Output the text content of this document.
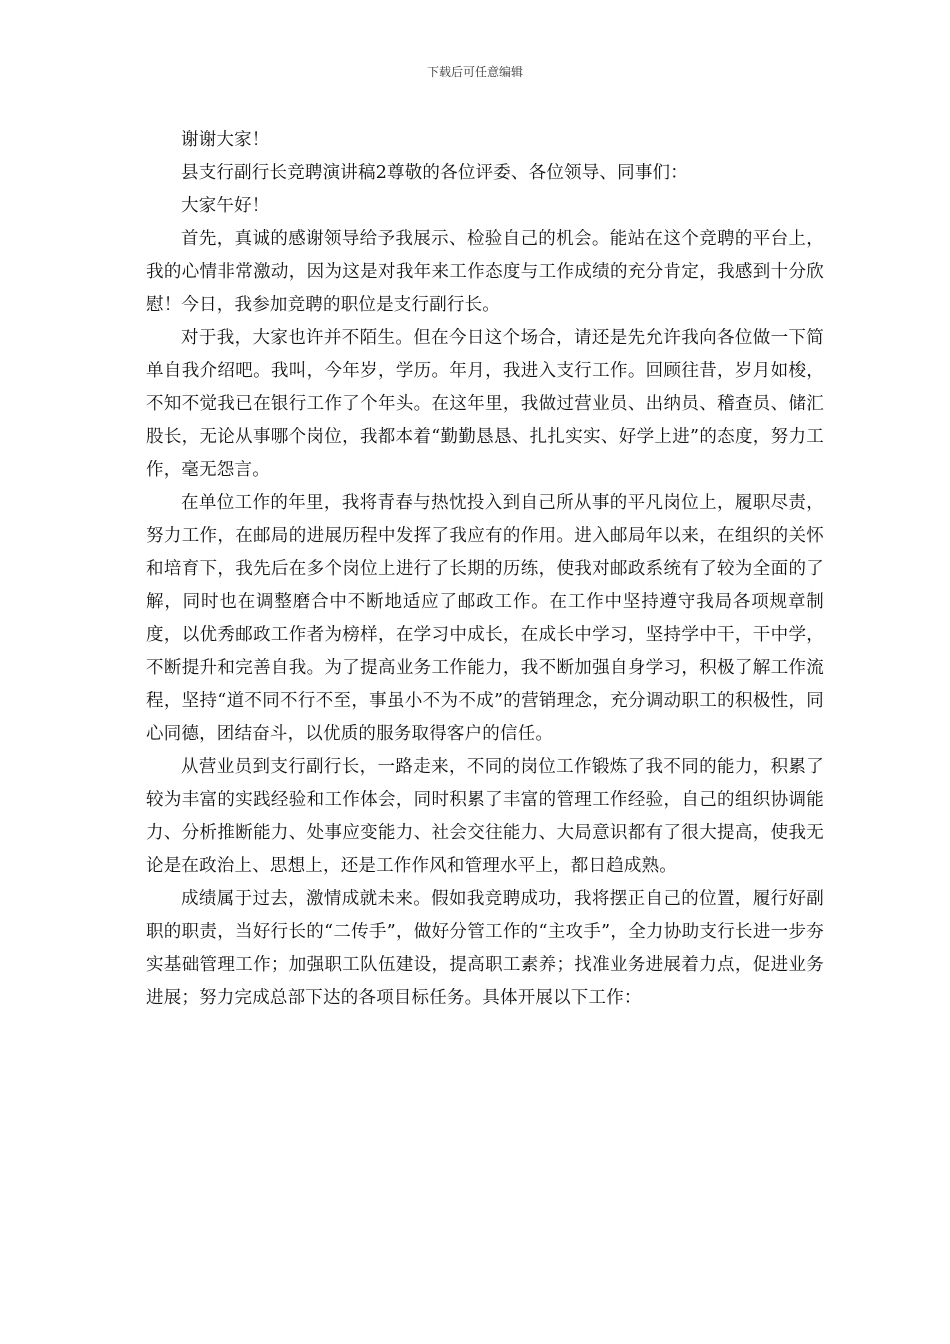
下载后可任意编辑

谢谢大家！

县支行副行长竞聘演讲稿2尊敬的各位评委、各位领导、同事们：

大家午好！

首先，真诚的感谢领导给予我展示、检验自己的机会。能站在这个竞聘的平台上，我的心情非常激动，因为这是对我年来工作态度与工作成绩的充分肯定，我感到十分欣慰！今日，我参加竞聘的职位是支行副行长。

对于我，大家也许并不陌生。但在今日这个场合，请还是先允许我向各位做一下简单自我介绍吧。我叫，今年岁，学历。年月，我进入支行工作。回顾往昔，岁月如梭，不知不觉我已在银行工作了个年头。在这年里，我做过营业员、出纳员、稽查员、储汇股长，无论从事哪个岗位，我都本着“勤勤恳恳、扎扎实实、好学上进”的态度，努力工作，毫无怨言。

在单位工作的年里，我将青春与热忱投入到自己所从事的平凡岗位上，履职尽责，努力工作，在邮局的进展历程中发挥了我应有的作用。进入邮局年以来，在组织的关怀和培育下，我先后在多个岗位上进行了长期的历练，使我对邮政系统有了较为全面的了解，同时也在调整磨合中不断地适应了邮政工作。在工作中坚持遵守我局各项规章制度，以优秀邮政工作者为榜样，在学习中成长，在成长中学习，坚持学中干，干中学，不断提升和完善自我。为了提高业务工作能力，我不断加强自身学习，积极了解工作流程，坚持“道不同不行不至，事虽小不为不成”的营销理念，充分调动职工的积极性，同心同德，团结奋斗，以优质的服务取得客户的信任。

从营业员到支行副行长，一路走来，不同的岗位工作锻炼了我不同的能力，积累了较为丰富的实践经验和工作体会，同时积累了丰富的管理工作经验，自己的组织协调能力、分析推断能力、处事应变能力、社会交往能力、大局意识都有了很大提高，使我无论是在政治上、思想上，还是工作作风和管理水平上，都日趋成熟。

成绩属于过去，激情成就未来。假如我竞聘成功，我将摆正自己的位置，履行好副职的职责，当好行长的“二传手”，做好分管工作的“主攻手”，全力协助支行长进一步夯实基础管理工作；加强职工队伍建设，提高职工素养；找准业务进展着力点，促进业务进展；努力完成总部下达的各项目标任务。具体开展以下工作：
